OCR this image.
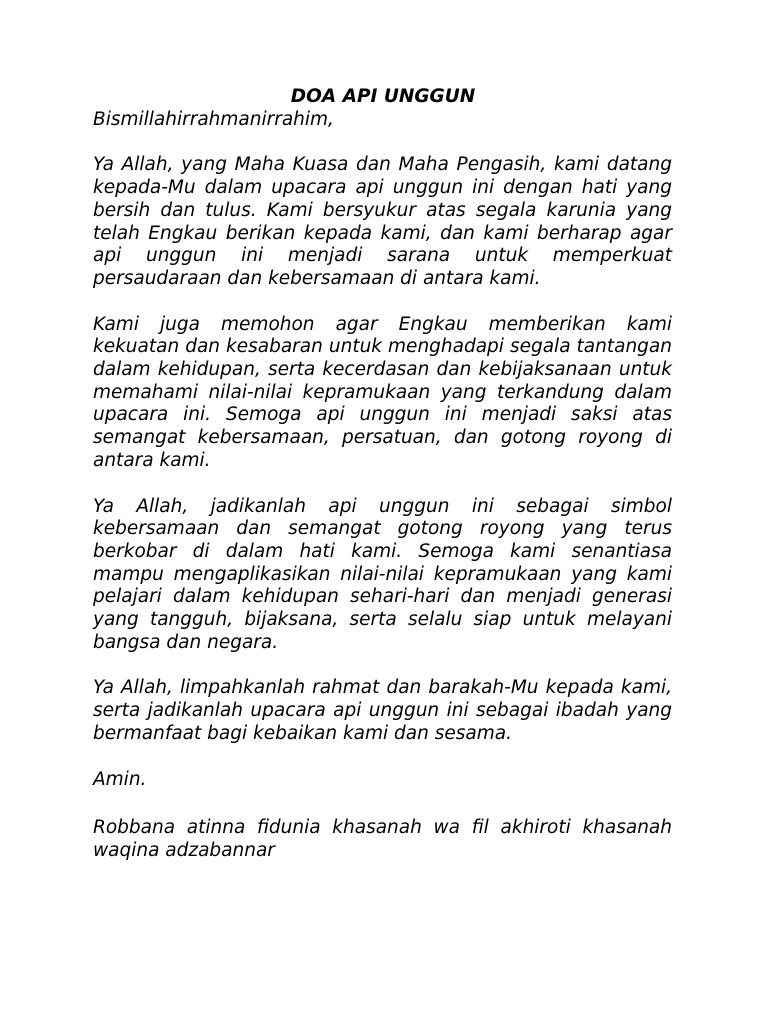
DOA API UNGGUN

Bismillahirrahmanirrahim,

Ya Allah, yang Maha Kuasa dan Maha Pengasih, kami datang kepada-Mu dalam upacara api unggun ini dengan hati yang bersih dan tulus. Kami bersyukur atas segala karunia yang telah Engkau berikan kepada kami, dan kami berharap agar api unggun ini menjadi sarana untuk memperkuat persaudaraan dan kebersamaan di antara kami.

Kami juga memohon agar Engkau memberikan kami kekuatan dan kesabaran untuk menghadapi segala tantangan dalam kehidupan, serta kecerdasan dan kebijaksanaan untuk memahami nilai-nilai kepramukaan yang terkandung dalam upacara ini. Semoga api unggun ini menjadi saksi atas semangat kebersamaan, persatuan, dan gotong royong di antara kami.

Ya Allah, jadikanlah api unggun ini sebagai simbol kebersamaan dan semangat gotong royong yang terus berkobar di dalam hati kami. Semoga kami senantiasa mampu mengaplikasikan nilai-nilai kepramukaan yang kami pelajari dalam kehidupan sehari-hari dan menjadi generasi yang tangguh, bijaksana, serta selalu siap untuk melayani bangsa dan negara.

Ya Allah, limpahkanlah rahmat dan barakah-Mu kepada kami, serta jadikanlah upacara api unggun ini sebagai ibadah yang bermanfaat bagi kebaikan kami dan sesama.

Amin.

Robbana atinna fidunia khasanah wa fil akhiroti khasanah waqina adzabannar
